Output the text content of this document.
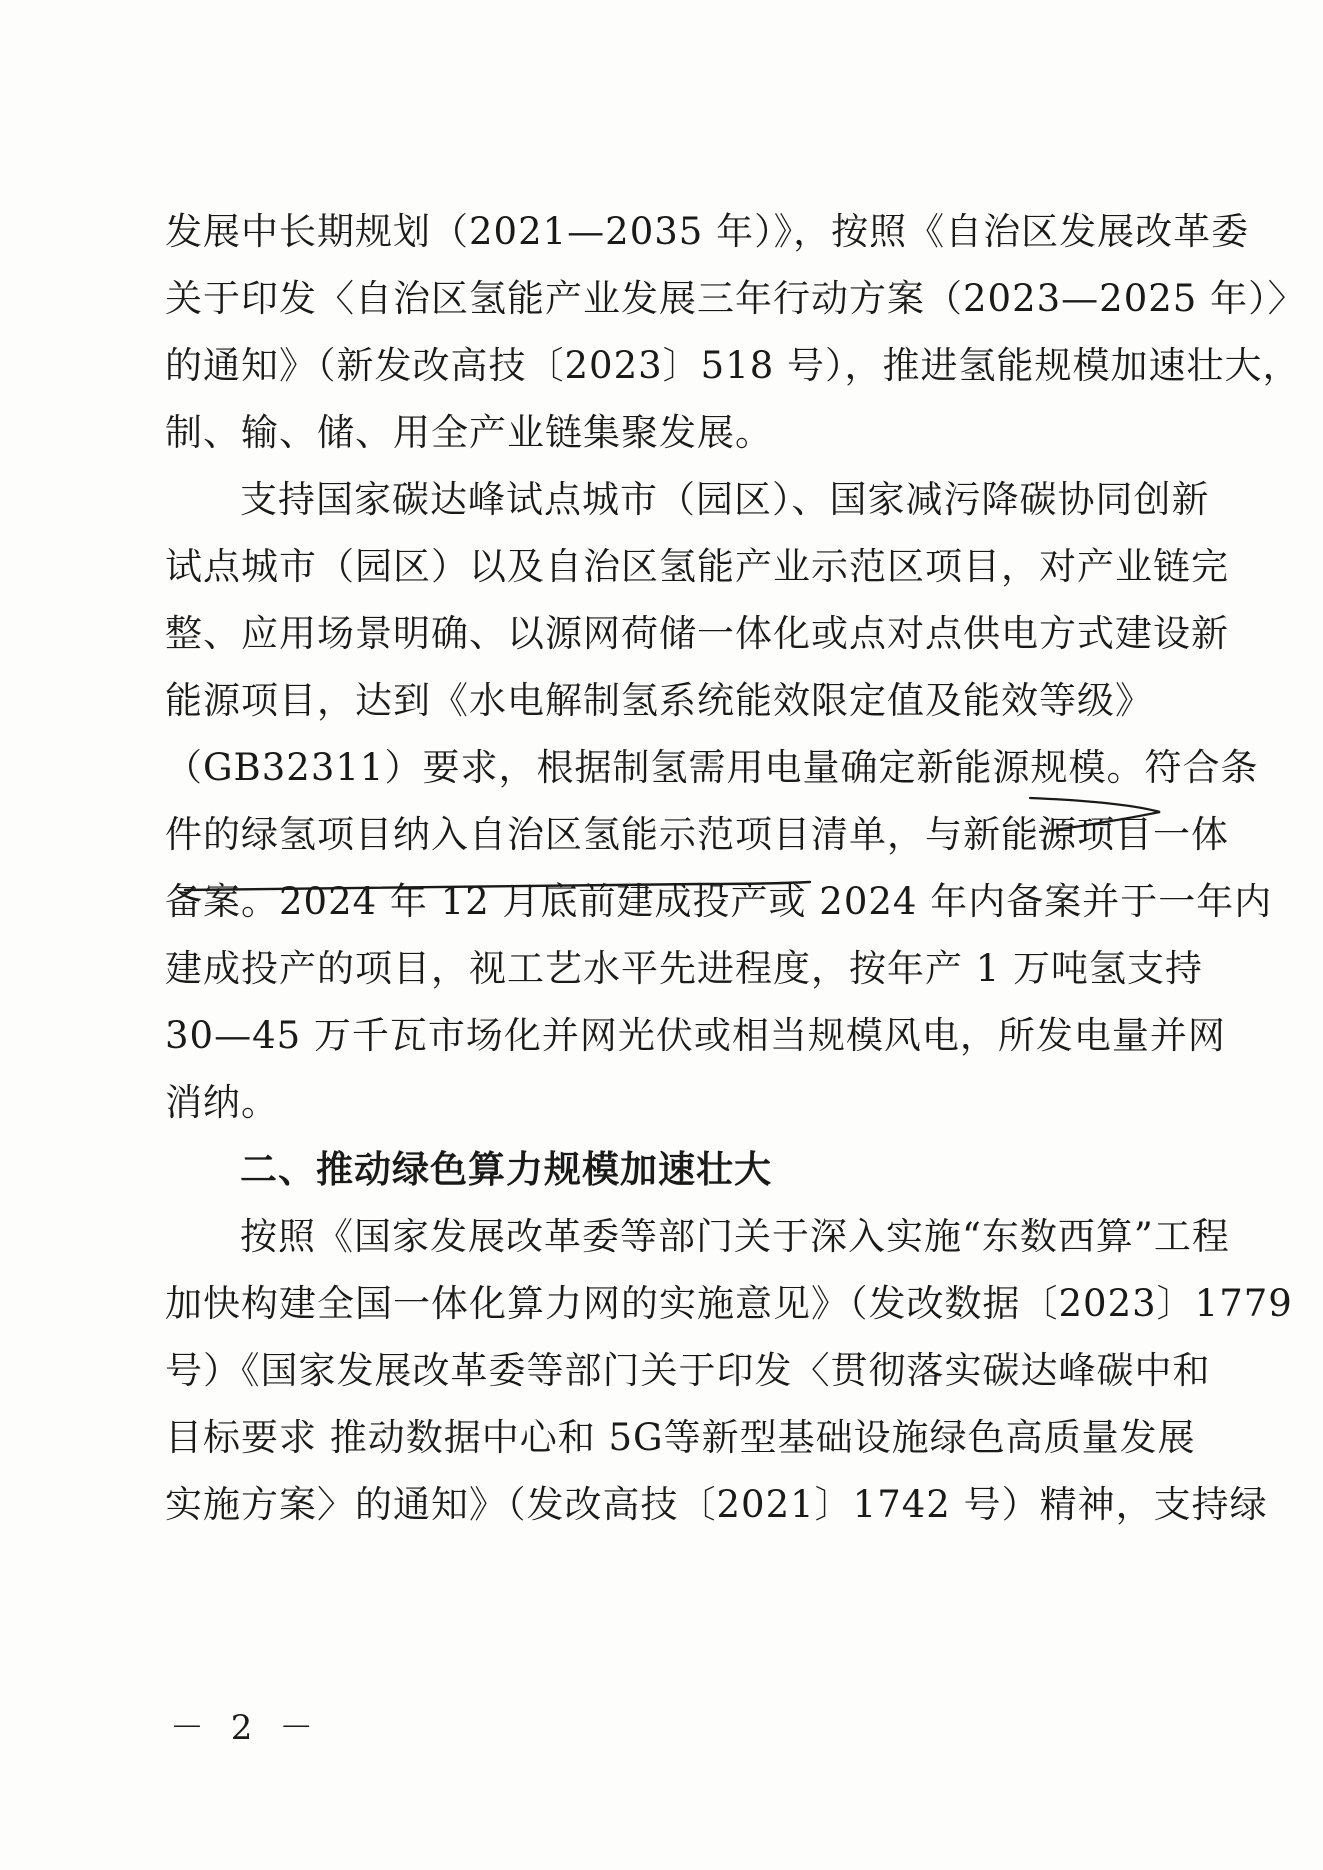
发展中长期规划（2021—2035 年）》，按照《自治区发展改革委
关于印发〈自治区氢能产业发展三年行动方案（2023—2025 年）〉
的通知》（新发改高技〔2023〕518 号），推进氢能规模加速壮大，
制、输、储、用全产业链集聚发展。
支持国家碳达峰试点城市（园区）、国家减污降碳协同创新
试点城市（园区）以及自治区氢能产业示范区项目，对产业链完
整、应用场景明确、以源网荷储一体化或点对点供电方式建设新
能源项目，达到《水电解制氢系统能效限定值及能效等级》
（GB32311）要求，根据制氢需用电量确定新能源规模。符合条
件的绿氢项目纳入自治区氢能示范项目清单，与新能源项目一体
备案。2024 年 12 月底前建成投产或 2024 年内备案并于一年内
建成投产的项目，视工艺水平先进程度，按年产 1 万吨氢支持
30—45 万千瓦市场化并网光伏或相当规模风电，所发电量并网
消纳。
二、推动绿色算力规模加速壮大
按照《国家发展改革委等部门关于深入实施“东数西算”工程
加快构建全国一体化算力网的实施意见》（发改数据〔2023〕1779
号）《国家发展改革委等部门关于印发〈贯彻落实碳达峰碳中和
目标要求 推动数据中心和 5G等新型基础设施绿色高质量发展
实施方案〉的通知》（发改高技〔2021〕1742 号）精神，支持绿
－ 2 －
